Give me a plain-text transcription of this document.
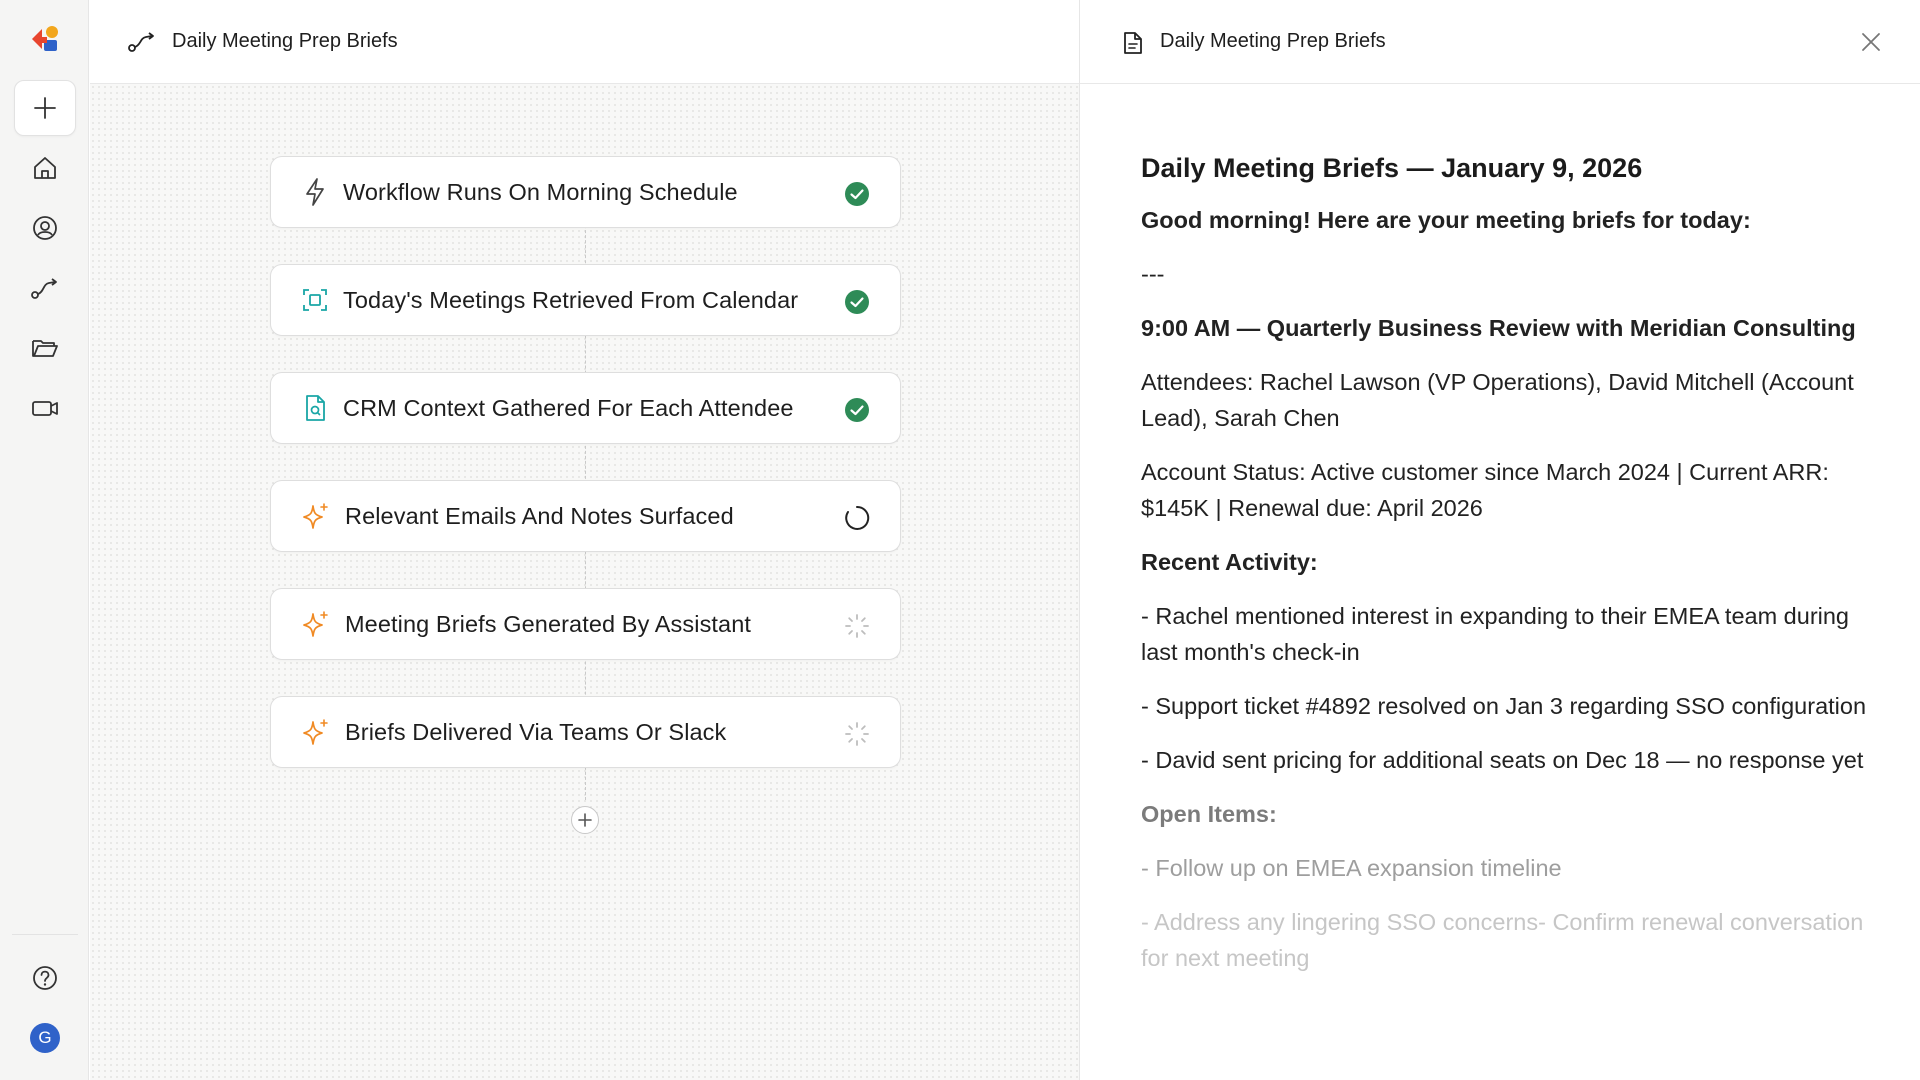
G
Daily Meeting Prep Briefs
Workflow Runs On Morning Schedule
Today's Meetings Retrieved From Calendar
CRM Context Gathered For Each Attendee
Relevant Emails And Notes Surfaced
Meeting Briefs Generated By Assistant
Briefs Delivered Via Teams Or Slack
Daily Meeting Prep Briefs
Daily Meeting Briefs — January 9, 2026

Good morning! Here are your meeting briefs for today:

---

9:00 AM — Quarterly Business Review with Meridian Consulting

Attendees: Rachel Lawson (VP Operations), David Mitchell (Account Lead), Sarah Chen

Account Status: Active customer since March 2024 | Current ARR: $145K | Renewal due: April 2026

Recent Activity:

- Rachel mentioned interest in expanding to their EMEA team during last month's check-in

- Support ticket #4892 resolved on Jan 3 regarding SSO configuration

- David sent pricing for additional seats on Dec 18 — no response yet

Open Items:

- Follow up on EMEA expansion timeline

- Address any lingering SSO concerns- Confirm renewal conversation for next meeting
